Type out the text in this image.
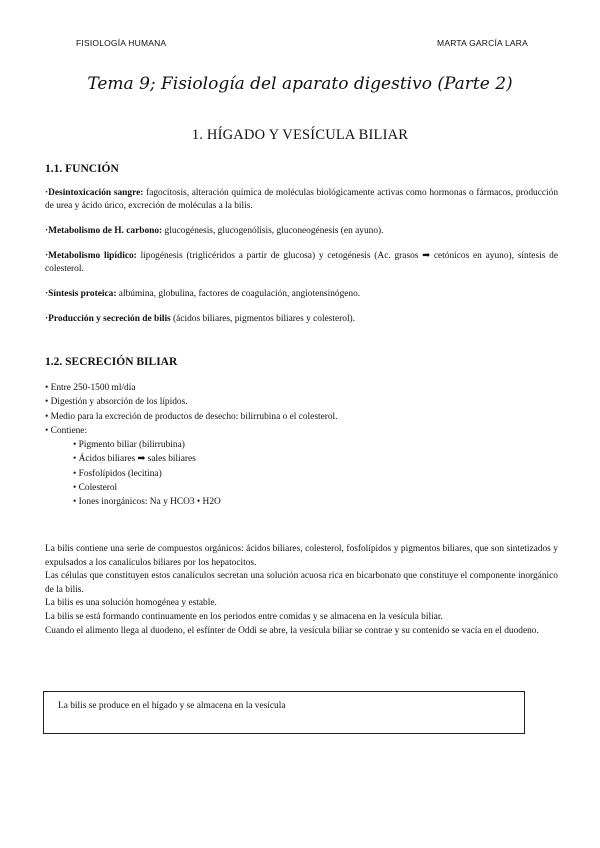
FISIOLOGÍA HUMANA	MARTA GARCÍA LARA
Tema 9; Fisiología del aparato digestivo (Parte 2)
1. HÍGADO Y VESÍCULA BILIAR
1.1. FUNCIÓN
·Desintoxicación sangre: fagocitosis, alteración química de moléculas biológicamente activas como hormonas o fármacos, producción de urea y ácido úrico, excreción de moléculas a la bilis.
·Metabolismo de H. carbono: glucogénesis, glucogenólisis, gluconeogénesis (en ayuno).
·Metabolismo lipídico: lipogénesis (triglicéridos a partir de glucosa) y cetogénesis (Ac. grasos ➡ cetónicos en ayuno), síntesis de colesterol.
·Síntesis proteica: albúmina, globulina, factores de coagulación, angiotensinógeno.
·Producción y secreción de bilis (ácidos biliares, pigmentos biliares y colesterol).
1.2. SECRECIÓN BILIAR
• Entre 250-1500 ml/día
• Digestión y absorción de los lípidos.
• Medio para la excreción de productos de desecho: bilirrubina o el colesterol.
• Contiene:
• Pigmento biliar (bilirrubina)
• Ácidos biliares ➡ sales biliares
• Fosfolípidos (lecitina)
• Colesterol
• Iones inorgánicos: Na y HCO3 • H2O
La bilis contiene una serie de compuestos orgánicos: ácidos biliares, colesterol, fosfolípidos y pigmentos biliares, que son sintetizados y expulsados a los canalículos biliares por los hepatocitos.
Las células que constituyen estos canalículos secretan una solución acuosa rica en bicarbonato que constituye el componente inorgánico de la bilis.
La bilis es una solución homogénea y estable.
La bilis se está formando continuamente en los periodos entre comidas y se almacena en la vesícula biliar.
Cuando el alimento llega al duodeno, el esfínter de Oddi se abre, la vesícula biliar se contrae y su contenido se vacía en el duodeno.
La bilis se produce en el hígado y se almacena en la vesícula
